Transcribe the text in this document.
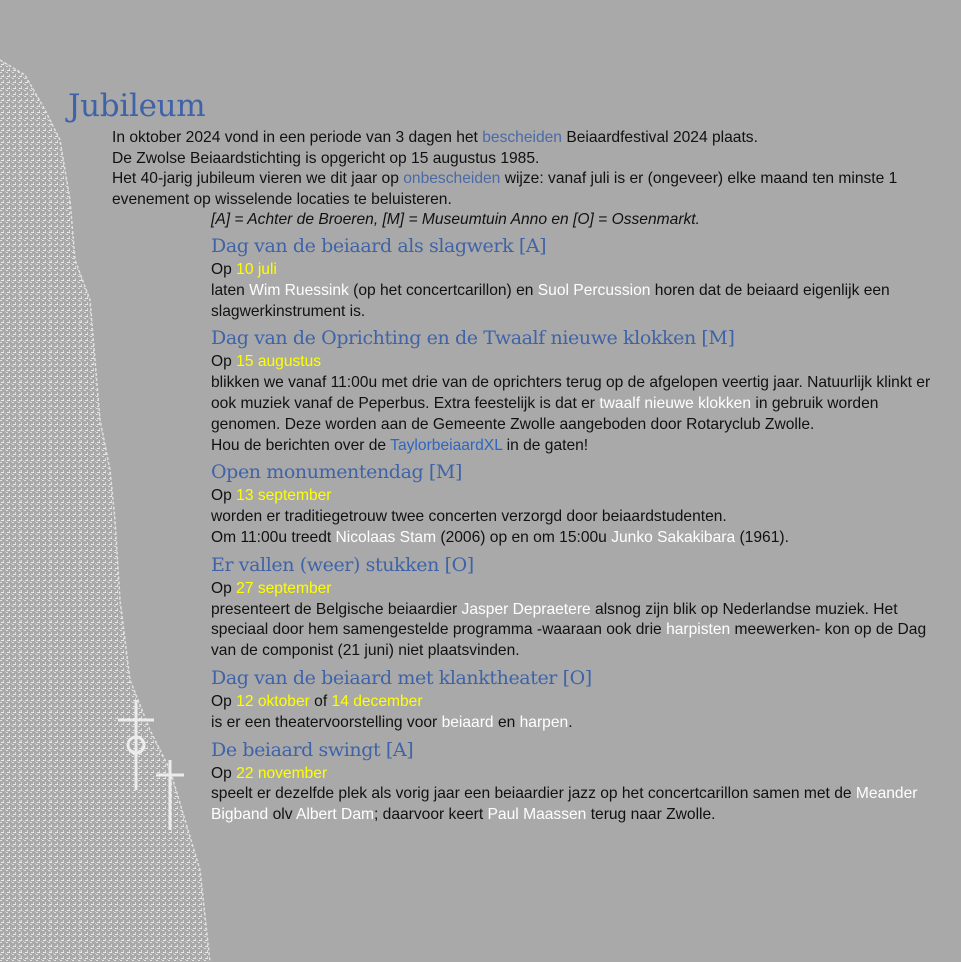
Jubileum

In oktober 2024 vond in een periode van 3 dagen het bescheiden Beiaardfestival 2024 plaats.

De Zwolse Beiaardstichting is opgericht op 15 augustus 1985.

Het 40-jarig jubileum vieren we dit jaar op onbescheiden wijze: vanaf juli is er (ongeveer) elke maand ten minste 1 evenement op wisselende locaties te beluisteren.

[A] = Achter de Broeren, [M] = Museumtuin Anno en [O] = Ossenmarkt.

Dag van de beiaard als slagwerk [A]

Op 10 juli

laten Wim Ruessink (op het concertcarillon) en Suol Percussion horen dat de beiaard eigenlijk een slagwerkinstrument is.

Dag van de Oprichting en de Twaalf nieuwe klokken [M]

Op 15 augustus

blikken we vanaf 11:00u met drie van de oprichters terug op de afgelopen veertig jaar. Natuurlijk klinkt er ook muziek vanaf de Peperbus. Extra feestelijk is dat er twaalf nieuwe klokken in gebruik worden genomen. Deze worden aan de Gemeente Zwolle aangeboden door Rotaryclub Zwolle.

Hou de berichten over de TaylorbeiaardXL in de gaten!

Open monumentendag [M]

Op 13 september

worden er traditiegetrouw twee concerten verzorgd door beiaardstudenten.

Om 11:00u treedt Nicolaas Stam (2006) op en om 15:00u Junko Sakakibara (1961).

Er vallen (weer) stukken [O]

Op 27 september

presenteert de Belgische beiaardier Jasper Depraetere alsnog zijn blik op Nederlandse muziek. Het speciaal door hem samengestelde programma -waaraan ook drie harpisten meewerken- kon op de Dag van de componist (21 juni) niet plaatsvinden.

Dag van de beiaard met klanktheater [O]

Op 12 oktober of 14 december

is er een theatervoorstelling voor beiaard en harpen.

De beiaard swingt [A]

Op 22 november

speelt er dezelfde plek als vorig jaar een beiaardier jazz op het concertcarillon samen met de Meander Bigband olv Albert Dam; daarvoor keert Paul Maassen terug naar Zwolle.
